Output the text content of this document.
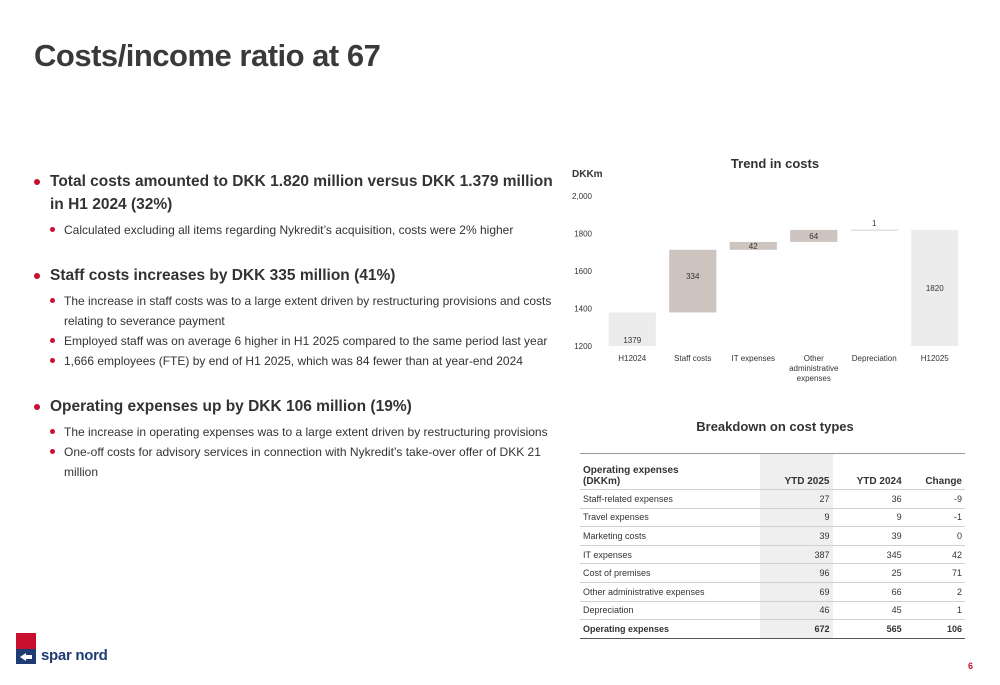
Costs/income ratio at 67
Total costs amounted to DKK 1.820 million versus DKK 1.379 million in H1 2024 (32%)
Calculated excluding all items regarding Nykredit’s acquisition, costs were 2% higher
Staff costs increases by DKK 335 million (41%)
The increase in staff costs was to a large extent driven by restructuring provisions and costs relating to severance payment
Employed staff was on average 6 higher in H1 2025 compared to the same period last year
1,666 employees (FTE) by end of H1 2025, which was 84 fewer than at year-end 2024
Operating expenses up by DKK 106 million (19%)
The increase in operating expenses was to a large extent driven by restructuring provisions
One-off costs for advisory services in connection with Nykredit’s take-over offer of DKK 21 million
Trend in costs
DKKm
1200
1400
1600
1800
2,000
1379
H12024
334
Staff costs
42
IT expenses
64
Other
administrative
expenses
1
Depreciation
1820
H12025
Breakdown on cost types
Operating expenses
(DKKm)	YTD 2025	YTD 2024	Change
Staff-related expenses	27	36	-9
Travel expenses	9	9	-1
Marketing costs	39	39	0
IT expenses	387	345	42
Cost of premises	96	25	71
Other administrative expenses	69	66	2
Depreciation	46	45	1
Operating expenses	672	565	106
spar nord
6
